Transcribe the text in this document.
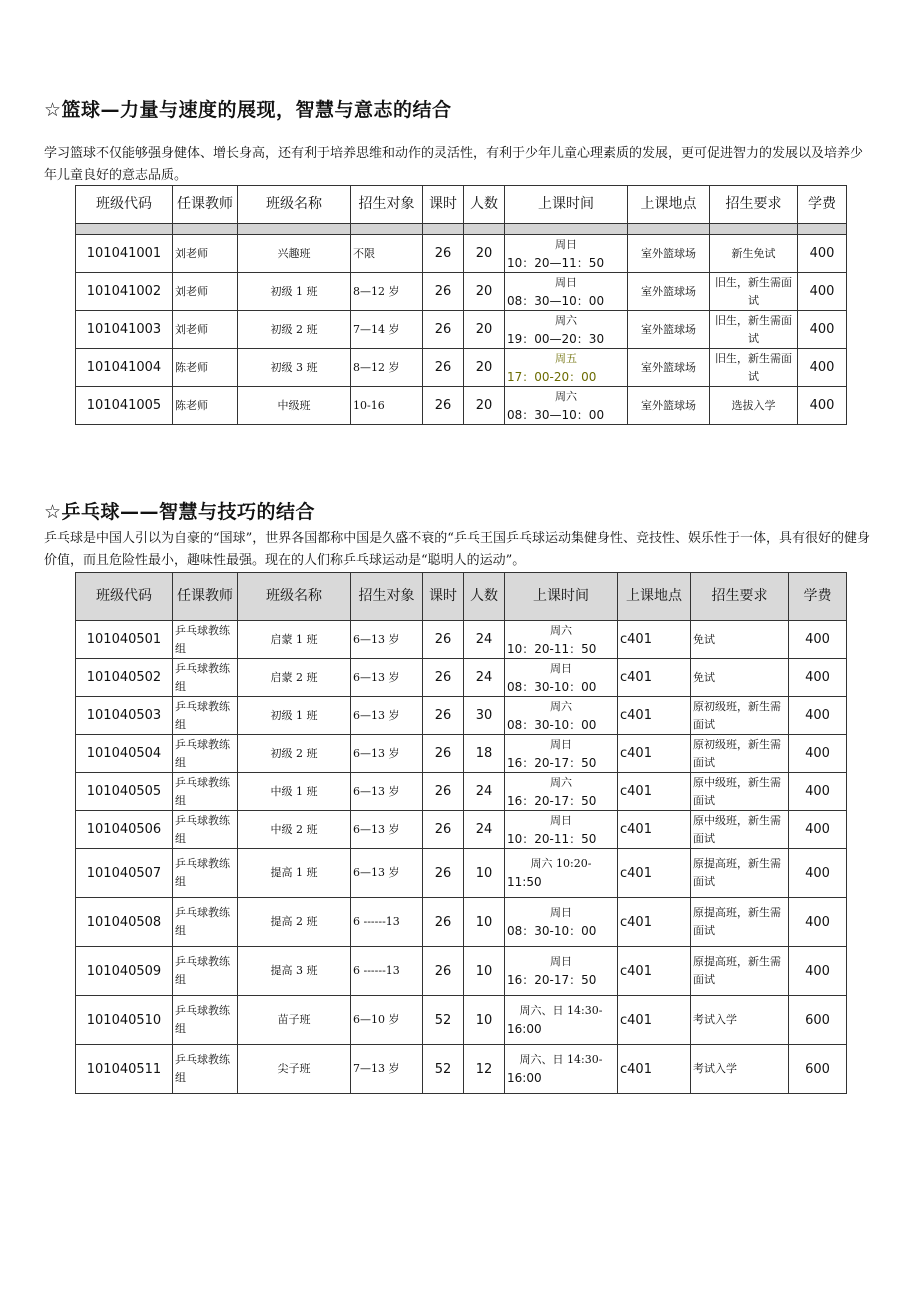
☆篮球—力量与速度的展现，智慧与意志的结合
学习篮球不仅能够强身健体、增长身高，还有利于培养思维和动作的灵活性，有利于少年儿童心理素质的发展，更可促进智力的发展以及培养少年儿童良好的意志品质。
班级代码	任课教师	班级名称	招生对象	课时	人数	上课时间	上课地点	招生要求	学费

101041001	刘老师	兴趣班	不限	26	20	周日
10：20—11：50	室外篮球场	新生免试	400
101041002	刘老师	初级 1 班	8—12 岁	26	20	周日
08：30—10：00	室外篮球场	旧生，新生需面试	400
101041003	刘老师	初级 2 班	7—14 岁	26	20	周六
19：00—20：30	室外篮球场	旧生，新生需面试	400
101041004	陈老师	初级 3 班	8—12 岁	26	20	周五
17：00-20：00	室外篮球场	旧生，新生需面试	400
101041005	陈老师	中级班	10-16	26	20	周六
08：30—10：00	室外篮球场	选拔入学	400
☆乒乓球——智慧与技巧的结合
乒乓球是中国人引以为自豪的“国球”，世界各国都称中国是久盛不衰的“乒乓王国乒乓球运动集健身性、竞技性、娱乐性于一体，具有很好的健身价值，而且危险性最小，趣味性最强。现在的人们称乒乓球运动是“聪明人的运动”。
班级代码	任课教师	班级名称	招生对象	课时	人数	上课时间	上课地点	招生要求	学费
101040501	乒乓球教练组	启蒙 1 班	6—13 岁	26	24	周六
10：20-11：50	c401	免试	400
101040502	乒乓球教练组	启蒙 2 班	6—13 岁	26	24	周日
08：30-10：00	c401	免试	400
101040503	乒乓球教练组	初级 1 班	6—13 岁	26	30	周六
08：30-10：00	c401	原初级班，新生需面试	400
101040504	乒乓球教练组	初级 2 班	6—13 岁	26	18	周日
16：20-17：50	c401	原初级班，新生需面试	400
101040505	乒乓球教练组	中级 1 班	6—13 岁	26	24	周六
16：20-17：50	c401	原中级班，新生需面试	400
101040506	乒乓球教练组	中级 2 班	6—13 岁	26	24	周日
10：20-11：50	c401	原中级班，新生需面试	400
101040507	乒乓球教练组	提高 1 班	6—13 岁	26	10	周六 10:20-
11:50	c401	原提高班，新生需面试	400
101040508	乒乓球教练组	提高 2 班	6 ------13	26	10	周日
08：30-10：00	c401	原提高班，新生需面试	400
101040509	乒乓球教练组	提高 3 班	6 ------13	26	10	周日
16：20-17：50	c401	原提高班，新生需面试	400
101040510	乒乓球教练组	苗子班	6—10 岁	52	10	周六、日 14:30-
16:00	c401	考试入学	600
101040511	乒乓球教练组	尖子班	7—13 岁	52	12	周六、日 14:30-
16:00	c401	考试入学	600
